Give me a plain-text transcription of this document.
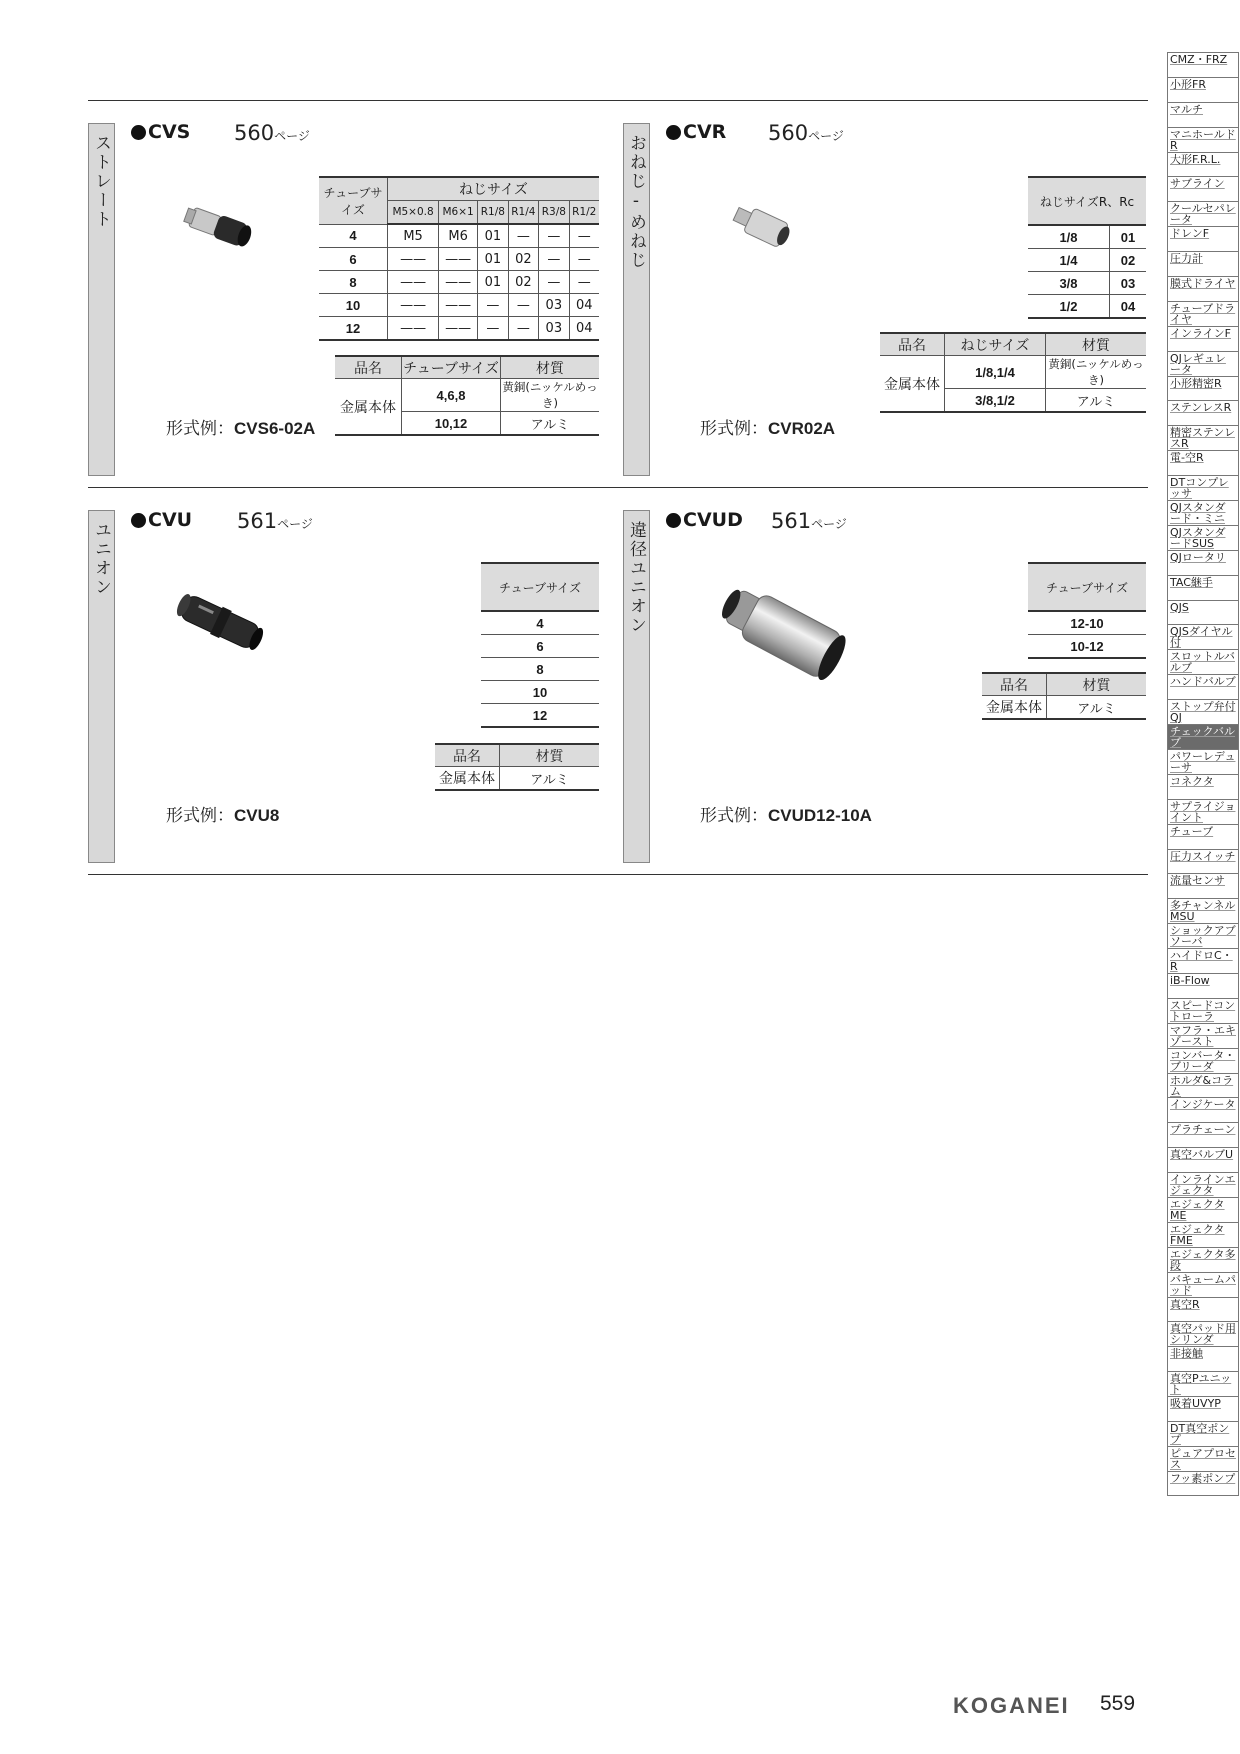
ストレート
CVS 560ページ
チューブサイズ	ねじサイズ					
	M5×0.8	M6×1	R1/8	R1/4	R3/8	R1/2
4	M5	M6	01	—	—	—
6	——	——	01	02	—	—
8	——	——	01	02	—	—
10	——	——	—	—	03	04
12	——	——	—	—	03	04
品名	チューブサイズ	材質
金属本体	4,6,8	黄銅(ニッケルめっき)
	10,12	アルミ
形式例：CVS6-02A
おねじ-めねじ
CVR 560ページ
ねじサイズR、Rc	
1/8	01
1/4	02
3/8	03
1/2	04
品名	ねじサイズ	材質
金属本体	1/8,1/4	黄銅(ニッケルめっき)
	3/8,1/2	アルミ
形式例：CVR02A
ユニオン
CVU 561ページ
チューブサイズ
4
6
8
10
12
品名	材質
金属本体	アルミ
形式例：CVU8
違径ユニオン
CVUD 561ページ
チューブサイズ
12-10
10-12
品名	材質
金属本体	アルミ
形式例：CVUD12-10A
CMZ・FRZ
小形FR
マルチ
マニホールドR
大形F.R.L.
サブライン
クールセパレータ
ドレンF
圧力計
膜式ドライヤ
チューブドライヤ
インラインF
QJレギュレータ
小形精密R
ステンレスR
精密ステンレスR
電-空R
DTコンプレッサ
QJスタンダード・ミニ
QJスタンダードSUS
QJロータリ
TAC継手
QJS
QJSダイヤル付
スロットルバルブ
ハンドバルブ
ストップ弁付QJ
チェックバルブ
パワーレデューサ
コネクタ
サプライジョイント
チューブ
圧力スイッチ
流量センサ
多チャンネルMSU
ショックアブソーバ
ハイドロC・R
iB-Flow
スピードコントローラ
マフラ・エキゾースト
コンバータ・ブリーダ
ホルダ&コラム
インジケータ
プラチェーン
真空バルブU
インラインエジェクタ
エジェクタME
エジェクタFME
エジェクタ多段
バキュームパッド
真空R
真空パッド用シリンダ
非接触
真空Pユニット
吸着UVYP
DT真空ポンプ
ピュアプロセス
フッ素ポンプ
KOGANEI 559
